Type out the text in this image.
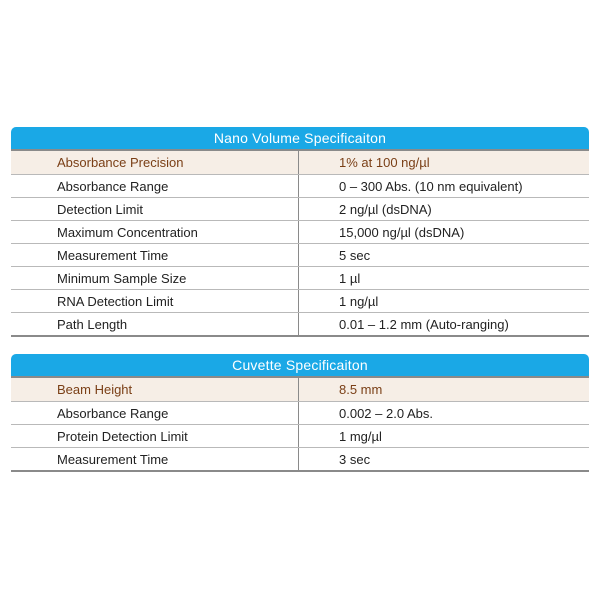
Nano Volume Specificaiton
Absorbance Precision	1% at 100 ng/µl
Absorbance Range	0 – 300 Abs. (10 nm equivalent)
Detection Limit	2 ng/µl (dsDNA)
Maximum Concentration	15,000 ng/µl (dsDNA)
Measurement Time	5 sec
Minimum Sample Size	1 µl
RNA Detection Limit	1 ng/µl
Path Length	0.01 – 1.2 mm (Auto-ranging)
Cuvette Specificaiton
Beam Height	8.5 mm
Absorbance Range	0.002 – 2.0 Abs.
Protein Detection Limit	1 mg/µl
Measurement Time	3 sec
